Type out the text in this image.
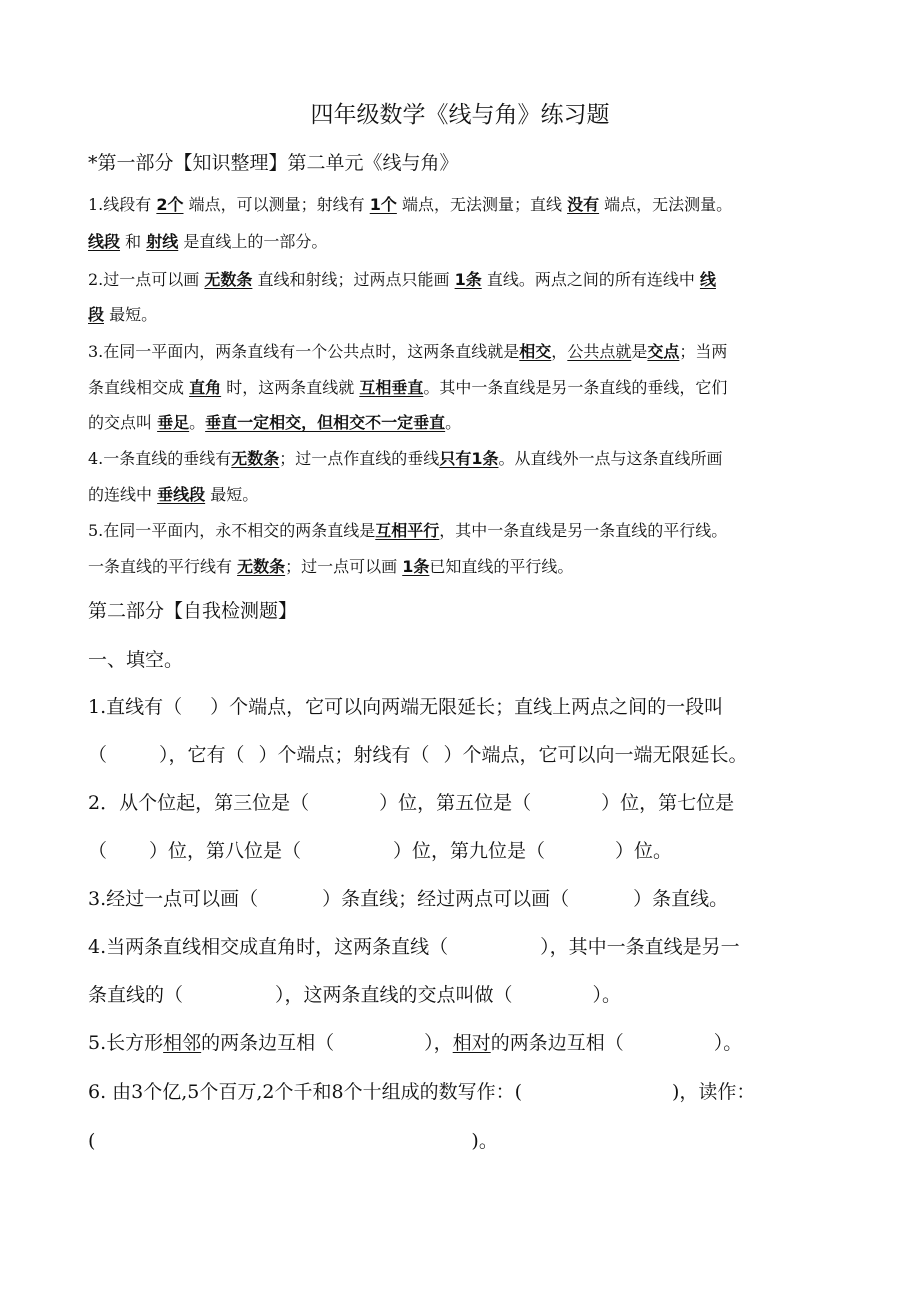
四年级数学《线与角》练习题
*第一部分【知识整理】第二单元《线与角》
1.线段有 2个 端点，可以测量；射线有 1个 端点，无法测量；直线 没有 端点，无法测量。
线段 和 射线 是直线上的一部分。
2.过一点可以画 无数条 直线和射线；过两点只能画 1条 直线。两点之间的所有连线中 线
段 最短。
3.在同一平面内，两条直线有一个公共点时，这两条直线就是相交，公共点就是交点；当两
条直线相交成 直角 时，这两条直线就 互相垂直。其中一条直线是另一条直线的垂线，它们
的交点叫 垂足。垂直一定相交，但相交不一定垂直。
4.一条直线的垂线有无数条；过一点作直线的垂线只有1条。从直线外一点与这条直线所画
的连线中 垂线段 最短。
5.在同一平面内，永不相交的两条直线是互相平行，其中一条直线是另一条直线的平行线。
一条直线的平行线有 无数条；过一点可以画 1条已知直线的平行线。
第二部分【自我检测题】
一、填空。
1.直线有（ ）个端点，它可以向两端无限延长；直线上两点之间的一段叫
（	），它有（ ）个端点；射线有（ ）个端点，它可以向一端无限延长。
2．从个位起，第三位是（	）位，第五位是（	）位，第七位是
（ ）位，第八位是（	）位，第九位是（	）位。
3.经过一点可以画（	）条直线；经过两点可以画（	）条直线。
4.当两条直线相交成直角时，这两条直线（	），其中一条直线是另一
条直线的（	），这两条直线的交点叫做（	）。
5.长方形相邻的两条边互相（	），相对的两条边互相（	）。
6. 由3个亿,5个百万,2个千和8个十组成的数写作：(	)，读作：
(	)。
